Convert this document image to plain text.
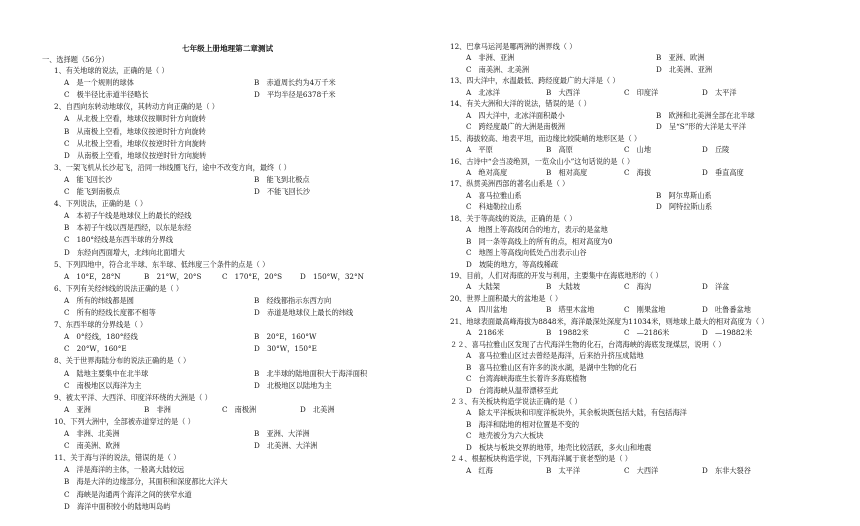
七年级上册地理第二章测试
一、选择题（56分）
1、有关地球的说法，正确的是（ ）
A　是一个规则的球体	B　赤道周长约为4万千米
C　极半径比赤道半径略长	D　平均半径是6378千米
2、自西向东转动地球仪，其转动方向正确的是（ ）
A　从北极上空看，地球仪按顺时针方向旋转
B　从南极上空看，地球仪按逆时针方向旋转
C　从北极上空看，地球仪按逆时针方向旋转
D　从南极上空看，地球仪按逆时针方向旋转
3、一架飞机从长沙起飞，沿同一纬线圈飞行，途中不改变方向，最终（ ）
A　能飞回长沙	B　能飞到北极点
C　能飞到南极点	D　不能飞回长沙
4、下列说法，正确的是（ ）
A　本初子午线是地球仪上的最长的经线
B　本初子午线以西是西经，以东是东经
C　180°经线是东西半球的分界线
D　东经向西面增大，北纬向北面增大
5、下列四地中，符合北半球、东半球、低纬度三个条件的点是（ ）
A　10°E，28°N	B　21°W，20°S	C　170°E，20°S D　150°W，32°N
6、下列有关经纬线的说法正确的是（ ）
A　所有的纬线都是圆	B　经线都指示东西方向
C　所有的经线长度都不相等	D　赤道是地球仪上最长的纬线
7、东西半球的分界线是（ ）
A　0°经线，180°经线	B　20°E，160°W
C　20°W，160°E	D　30°W，150°E
8、关于世界海陆分布的说法正确的是（ ）
A　陆地主要集中在北半球	B　北半球的陆地面积大于海洋面积
C　南极地区以海洋为主	D　北极地区以陆地为主
9、被太平洋、大西洋、印度洋环绕的大洲是（ ）
A　亚洲	B　非洲	C　南极洲	D　北美洲
10、下列大洲中，全部被赤道穿过的是（ ）
A　非洲、北美洲	B　亚洲、大洋洲
C　南美洲、欧洲	D　北美洲、大洋洲
11、关于海与洋的说法，错误的是（ ）
A　洋是海洋的主体，一般离大陆较远
B　海是大洋的边缘部分，其面积和深度都比大洋大
C　海峡是沟通两个海洋之间的狭窄水道
D　海洋中面积较小的陆地叫岛屿
12、巴拿马运河是哪两洲的洲界线（ ）
A　非洲、亚洲	B　亚洲、欧洲
C　南美洲、北美洲	D　北美洲、亚洲
13、四大洋中，水温最低、跨经度最广的大洋是（ ）
A　北冰洋	B　大西洋	C　印度洋	D　太平洋
14、有关大洲和大洋的说法，错误的是（ ）
A　四大洋中，北冰洋面积最小	B　欧洲和北美洲全部在北半球
C　跨经度最广的大洲是南极洲	D　呈“S”形的大洋是太平洋
15、海拔较高、地表平坦，而边缘比较陡峭的地形区是（ ）
A　平原	B　高原	C　山地	D　丘陵
16、古诗中“会当凌绝顶，一览众山小”这句话说的是（ ）
A　绝对高度	B　相对高度	C　海拔	D　垂直高度
17、纵贯美洲西部的著名山系是（ ）
A　喜马拉雅山系	B　阿尔卑斯山系
C　科迪勒拉山系	D　阿特拉斯山系
18、关于等高线的说法，正确的是（ ）
A　地图上等高线闭合的地方，表示的是盆地
B　同一条等高线上的所有的点，相对高度为0
C　地图上等高线向低处凸出表示山谷
D　坡陡的地方，等高线稀疏
19、目前，人们对海底的开发与利用，主要集中在海底地形的（ ）
A　大陆架	B　大陆坡	C　海沟	D　洋盆
20、世界上面积最大的盆地是（ ）
A　四川盆地	B　塔里木盆地	C　刚果盆地	D　吐鲁番盆地
21、地球表面最高峰海拔为8848米，海洋最深处深度为11034米，则地球上最大的相对高度为（ ）
A　2186米	B　19882米	C　—2186米	D　—19882米
２２、喜马拉雅山区发现了古代海洋生物的化石，台湾海峡的海底发现煤层，说明（ ）
A　喜马拉雅山区过去曾经是海洋，后来抬升挤压成陆地
B　喜马拉雅山区有许多的淡水湖，是湖中生物的化石
C　台湾海峡海底生长着许多海底植物
D　台湾海峡从温带漂移至此
２３、有关板块构造学说法正确的是（ ）
A　除太平洋板块和印度洋板块外，其余板块既包括大陆，有包括海洋
B　海洋和陆地的相对位置是不变的
C　地壳被分为六大板块
D　板块与板块交界的地带，地壳比较活跃，多火山和地震
２４、根据板块构造学说，下列海洋属于衰老型的是（ ）
A　红海	B　太平洋	C　大西洋	D　东非大裂谷
